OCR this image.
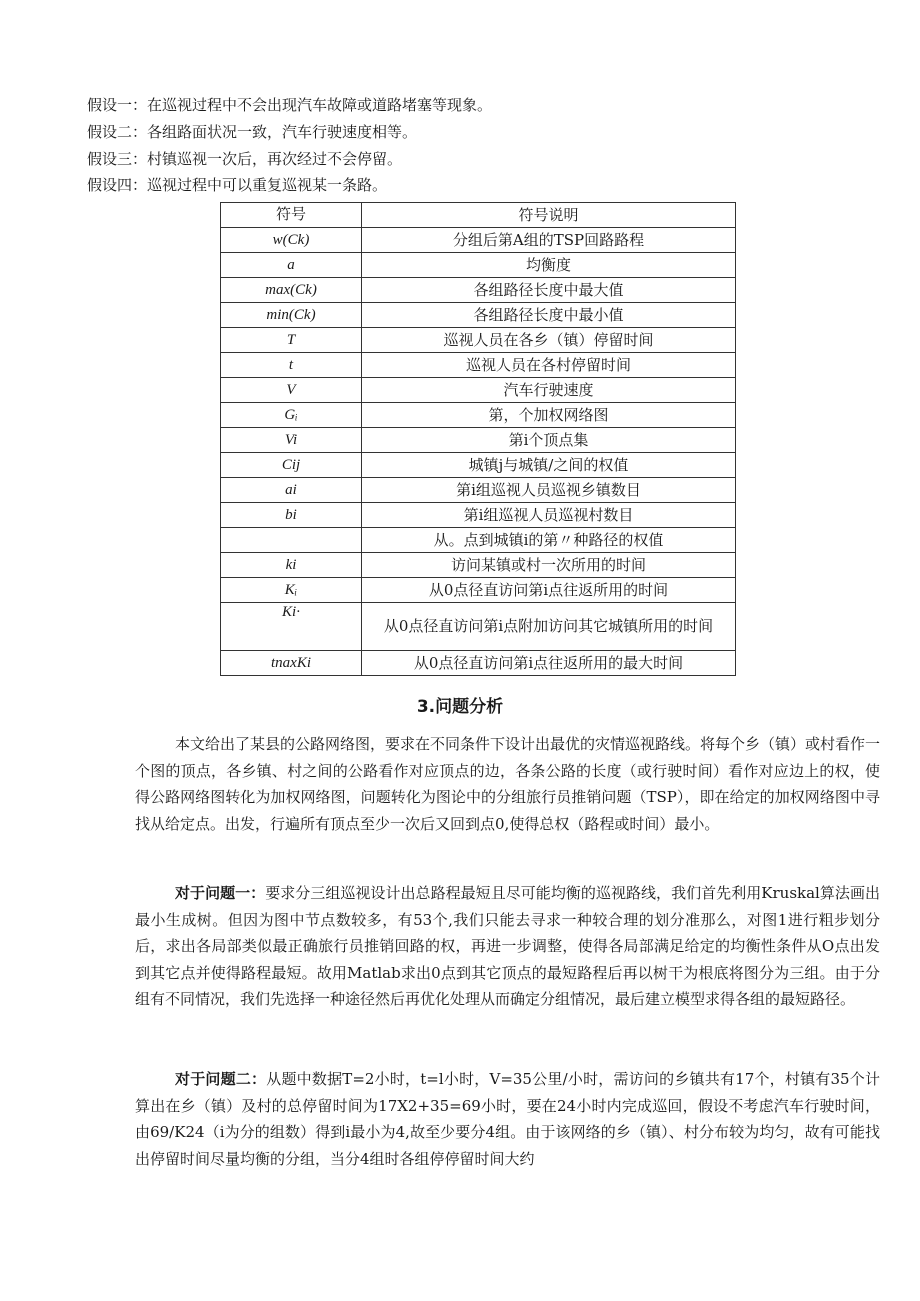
假设一：在巡视过程中不会出现汽车故障或道路堵塞等现象。
假设二：各组路面状况一致，汽车行驶速度相等。
假设三：村镇巡视一次后，再次经过不会停留。
假设四：巡视过程中可以重复巡视某一条路。
符号	符号说明
w(Ck)	分组后第A组的TSP回路路程
a	均衡度
max(Ck)	各组路径长度中最大值
min(Ck)	各组路径长度中最小值
T	巡视人员在各乡（镇）停留时间
t	巡视人员在各村停留时间
V	汽车行驶速度
Gᵢ	第，个加权网络图
Vi	第i个顶点集
Cij	城镇j与城镇/之间的权值
ai	第i组巡视人员巡视乡镇数目
bi	第i组巡视人员巡视村数目
	从。点到城镇i的第〃种路径的权值
ki	访问某镇或村一次所用的时间
Kᵢ	从0点径直访问第i点往返所用的时间
Ki·	从0点径直访问第i点附加访问其它城镇所用的时间
tnaxKi	从0点径直访问第i点往返所用的最大时间
3.问题分析
本文给出了某县的公路网络图，要求在不同条件下设计出最优的灾情巡视路线。将每个乡（镇）或村看作一个图的顶点，各乡镇、村之间的公路看作对应顶点的边，各条公路的长度（或行驶时间）看作对应边上的权，使得公路网络图转化为加权网络图，问题转化为图论中的分组旅行员推销问题（TSP），即在给定的加权网络图中寻找从给定点。出发，行遍所有顶点至少一次后又回到点0,使得总权（路程或时间）最小。
对于问题一：要求分三组巡视设计出总路程最短且尽可能均衡的巡视路线，我们首先利用Kruskal算法画出最小生成树。但因为图中节点数较多，有53个,我们只能去寻求一种较合理的划分准那么，对图1进行粗步划分后，求出各局部类似最正确旅行员推销回路的权，再进一步调整，使得各局部满足给定的均衡性条件从O点出发到其它点并使得路程最短。故用Matlab求出0点到其它顶点的最短路程后再以树干为根底将图分为三组。由于分组有不同情况，我们先选择一种途径然后再优化处理从而确定分组情况，最后建立模型求得各组的最短路径。
对于问题二：从题中数据T=2小时，t=l小时，V=35公里/小时，需访问的乡镇共有17个，村镇有35个计算出在乡（镇）及村的总停留时间为17X2+35=69小时，要在24小时内完成巡回，假设不考虑汽车行驶时间，由69/K24（i为分的组数）得到i最小为4,故至少要分4组。由于该网络的乡（镇）、村分布较为均匀，故有可能找出停留时间尽量均衡的分组，当分4组时各组停停留时间大约
